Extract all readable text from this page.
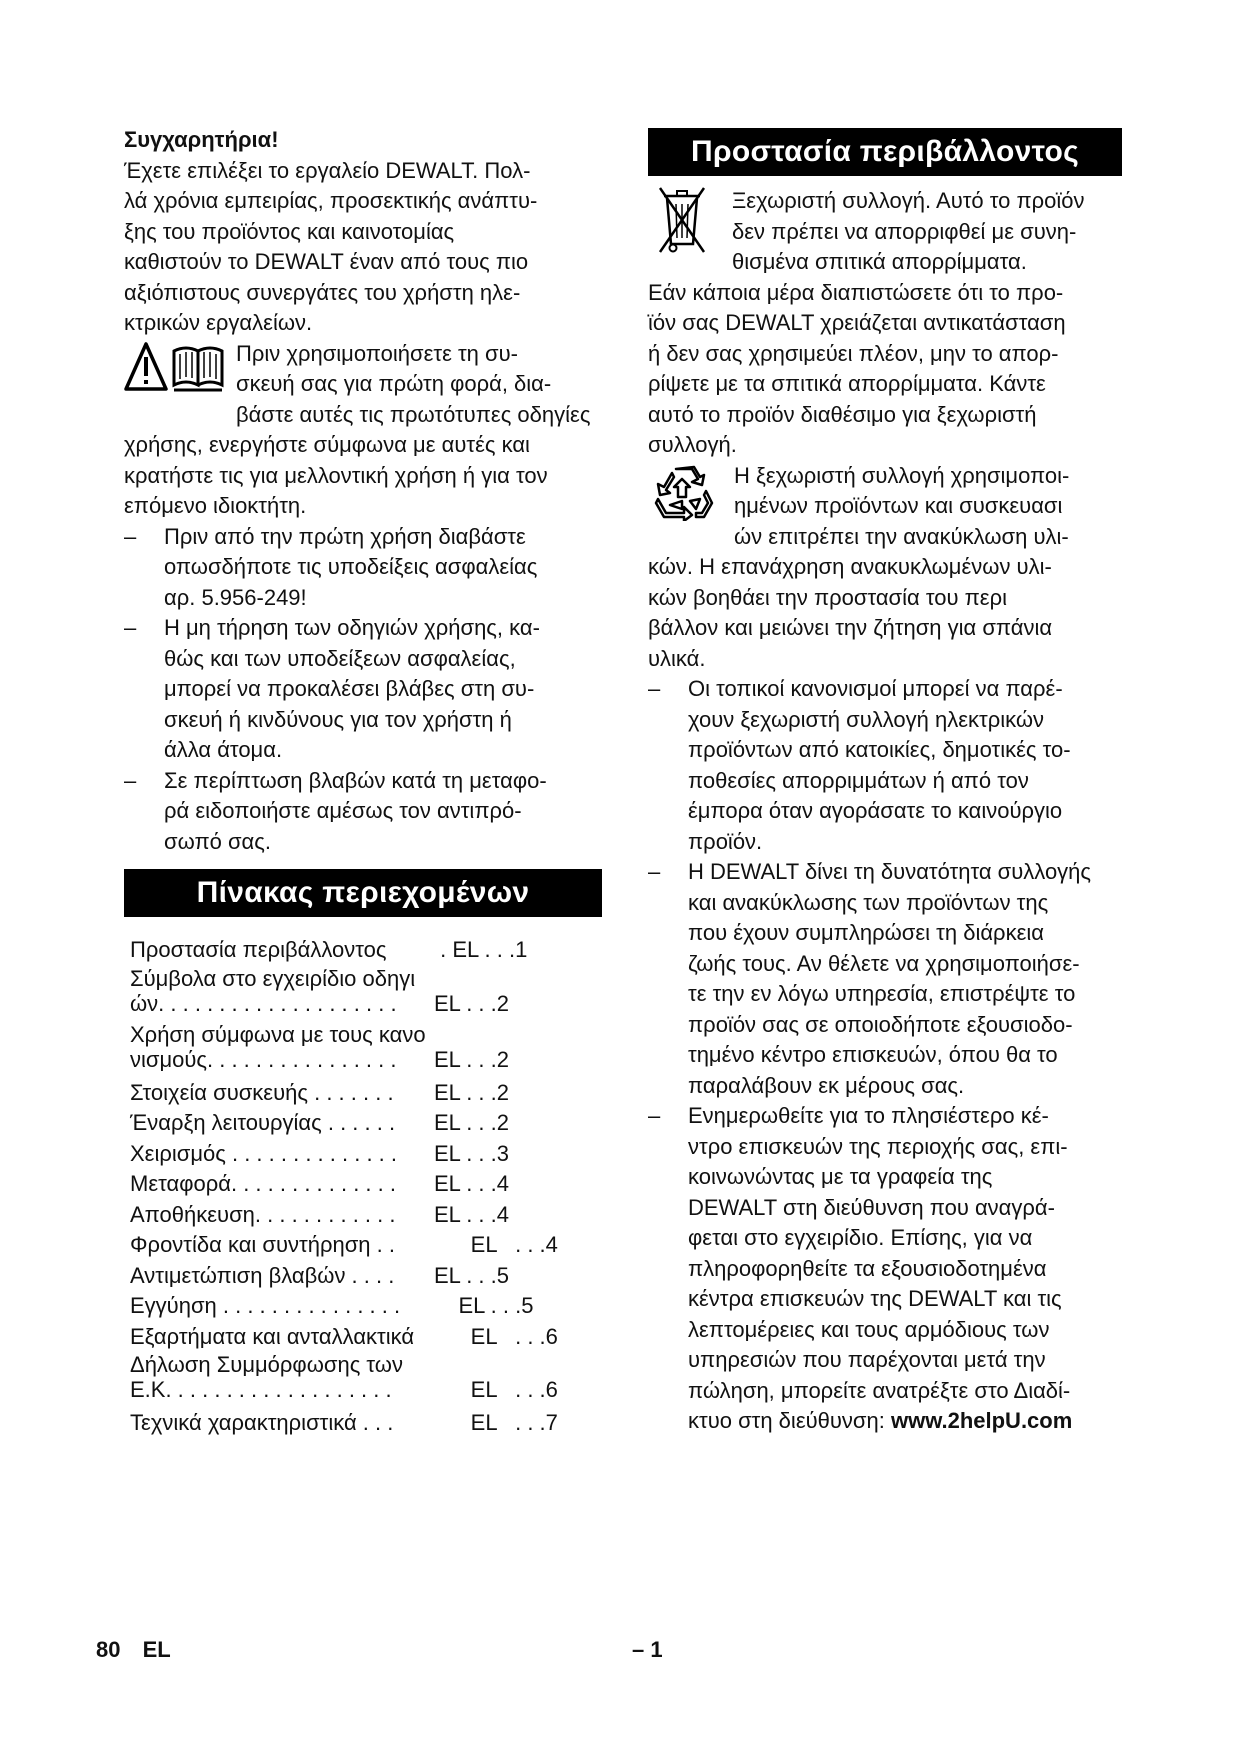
Συγχαρητήρια!

Έχετε επιλέξει το εργαλείο DEWALT. Πολ-

λά χρόνια εμπειρίας, προσεκτικής ανάπτυ-

ξης του προϊόντος και καινοτομίας

καθιστούν το DEWALT έναν από τους πιο

αξιόπιστους συνεργάτες του χρήστη ηλε-

κτρικών εργαλείων.

Πριν χρησιμοποιήσετε τη συ-

σκευή σας για πρώτη φορά, δια-

βάστε αυτές τις πρωτότυπες οδηγίες

χρήσης, ενεργήστε σύμφωνα με αυτές και

κρατήστε τις για μελλοντική χρήση ή για τον

επόμενο ιδιοκτήτη.

–	Πριν από την πρώτη χρήση διαβάστε

οπωσδήποτε τις υποδείξεις ασφαλείας

αρ. 5.956-249!

–	Η μη τήρηση των οδηγιών χρήσης, κα-

θώς και των υποδείξεων ασφαλείας,

μπορεί να προκαλέσει βλάβες στη συ-

σκευή ή κινδύνους για τον χρήστη ή

άλλα άτομα.

–	Σε περίπτωση βλαβών κατά τη μεταφο-

ρά ειδοποιήστε αμέσως τον αντιπρό-

σωπό σας.

Πίνακας περιεχομένων
Προστασία περιβάλλοντος	. EL . . .1
Σύμβολα στο εγχειρίδιο οδηγι
ών. . . . . . . . . . . . . . . . . . . .	EL . . .2
Χρήση σύμφωνα με τους κανο
νισμούς. . . . . . . . . . . . . . . .	EL . . .2
Στοιχεία συσκευής . . . . . . .	EL . . .2
Έναρξη λειτουργίας . . . . . .	EL . . .2
Χειρισμός . . . . . . . . . . . . . .	EL . . .3
Μεταφορά. . . . . . . . . . . . . .	EL . . .4
Αποθήκευση. . . . . . . . . . . .	EL . . .4
Φροντίδα και συντήρηση . .	EL   . . .4
Αντιμετώπιση βλαβών . . . .	EL . . .5
Εγγύηση . . . . . . . . . . . . . . .	EL . . .5
Εξαρτήματα και ανταλλακτικά EL   . . .6
Δήλωση Συμμόρφωσης των
Ε.Κ. . . . . . . . . . . . . . . . . . .	EL   . . .6
Τεχνικά χαρακτηριστικά . . .	EL   . . .7
Προστασία περιβάλλοντος

Ξεχωριστή συλλογή. Αυτό το προϊόν

δεν πρέπει να απορριφθεί με συνη-

θισμένα σπιτικά απορρίμματα.

Εάν κάποια μέρα διαπιστώσετε ότι το προ-

ϊόν σας DEWALT χρειάζεται αντικατάσταση

ή δεν σας χρησιμεύει πλέον, μην το απορ-

ρίψετε με τα σπιτικά απορρίμματα. Κάντε

αυτό το προϊόν διαθέσιμο για ξεχωριστή

συλλογή.

Η ξεχωριστή συλλογή χρησιμοποι-

ημένων προϊόντων και συσκευασι

ών επιτρέπει την ανακύκλωση υλι-

κών. Η επανάχρηση ανακυκλωμένων υλι-

κών βοηθάει την προστασία του περι

βάλλον και μειώνει την ζήτηση για σπάνια

υλικά.

–	Οι τοπικοί κανονισμοί μπορεί να παρέ-

χουν ξεχωριστή συλλογή ηλεκτρικών

προϊόντων από κατοικίες, δημοτικές το-

ποθεσίες απορριμμάτων ή από τον

έμπορα όταν αγοράσατε το καινούργιο

προϊόν.

–	Η DEWALT δίνει τη δυνατότητα συλλογής

και ανακύκλωσης των προϊόντων της

που έχουν συμπληρώσει τη διάρκεια

ζωής τους. Αν θέλετε να χρησιμοποιήσε-

τε την εν λόγω υπηρεσία, επιστρέψτε το

προϊόν σας σε οποιοδήποτε εξουσιοδο-

τημένο κέντρο επισκευών, όπου θα το

παραλάβουν εκ μέρους σας.

–	Ενημερωθείτε για το πλησιέστερο κέ-

ντρο επισκευών της περιοχής σας, επι-

κοινωνώντας με τα γραφεία της

DEWALT στη διεύθυνση που αναγρά-

φεται στο εγχειρίδιο. Επίσης, για να

πληροφορηθείτε τα εξουσιοδοτημένα

κέντρα επισκευών της DEWALT και τις

λεπτομέρειες και τους αρμόδιους των

υπηρεσιών που παρέχονται μετά την

πώληση, μπορείτε ανατρέξτε στο Διαδί-

κτυο στη διεύθυνση: www.2helpU.com

80 EL	– 1
